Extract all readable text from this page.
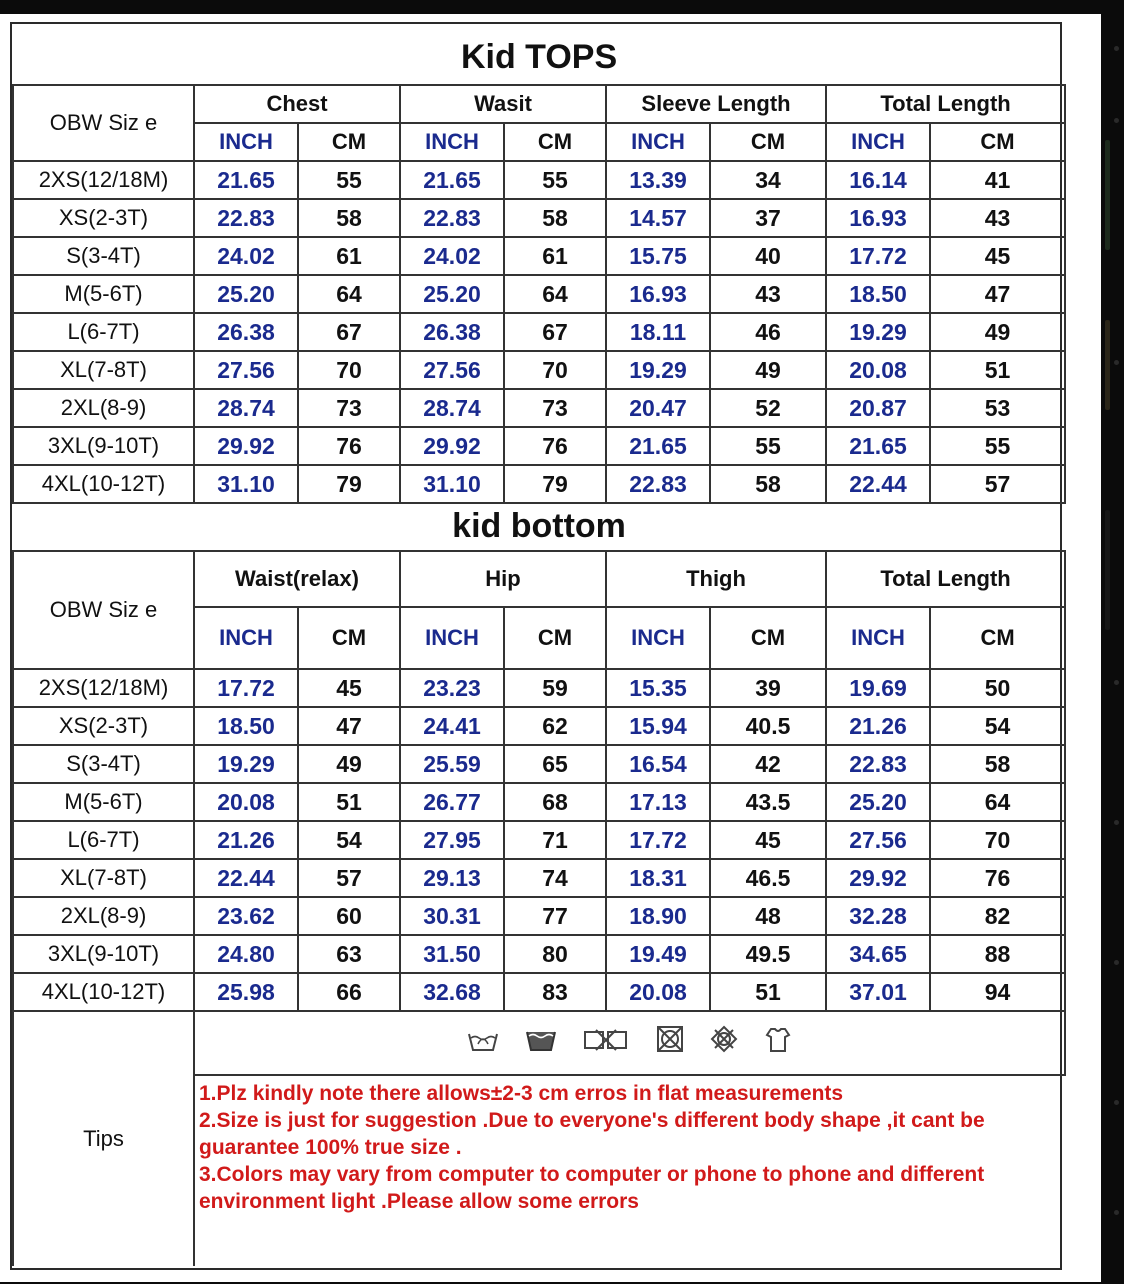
Kid TOPS								
OBW Siz e	Chest		Wasit		Sleeve Length		Total Length	
	INCH	CM	INCH	CM	INCH	CM	INCH	CM
2XS(12/18M)	21.65	55	21.65	55	13.39	34	16.14	41
XS(2-3T)	22.83	58	22.83	58	14.57	37	16.93	43
S(3-4T)	24.02	61	24.02	61	15.75	40	17.72	45
M(5-6T)	25.20	64	25.20	64	16.93	43	18.50	47
L(6-7T)	26.38	67	26.38	67	18.11	46	19.29	49
XL(7-8T)	27.56	70	27.56	70	19.29	49	20.08	51
2XL(8-9)	28.74	73	28.74	73	20.47	52	20.87	53
3XL(9-10T)	29.92	76	29.92	76	21.65	55	21.65	55
4XL(10-12T)	31.10	79	31.10	79	22.83	58	22.44	57
kid bottom								
OBW Siz e	Waist(relax)		Hip		Thigh		Total Length	
	INCH	CM	INCH	CM	INCH	CM	INCH	CM
2XS(12/18M)	17.72	45	23.23	59	15.35	39	19.69	50
XS(2-3T)	18.50	47	24.41	62	15.94	40.5	21.26	54
S(3-4T)	19.29	49	25.59	65	16.54	42	22.83	58
M(5-6T)	20.08	51	26.77	68	17.13	43.5	25.20	64
L(6-7T)	21.26	54	27.95	71	17.72	45	27.56	70
XL(7-8T)	22.44	57	29.13	74	18.31	46.5	29.92	76
2XL(8-9)	23.62	60	30.31	77	18.90	48	32.28	82
3XL(9-10T)	24.80	63	31.50	80	19.49	49.5	34.65	88
4XL(10-12T)	25.98	66	32.68	83	20.08	51	37.01	94
Tips	

	1.Plz kindly note there allows±2-3 cm erros in flat measurements
2.Size is just for suggestion .Due to everyone's different body shape ,it cant be guarantee 100% true size .
3.Colors may vary from computer to computer or phone to phone and different environment light .Please allow some errors							
